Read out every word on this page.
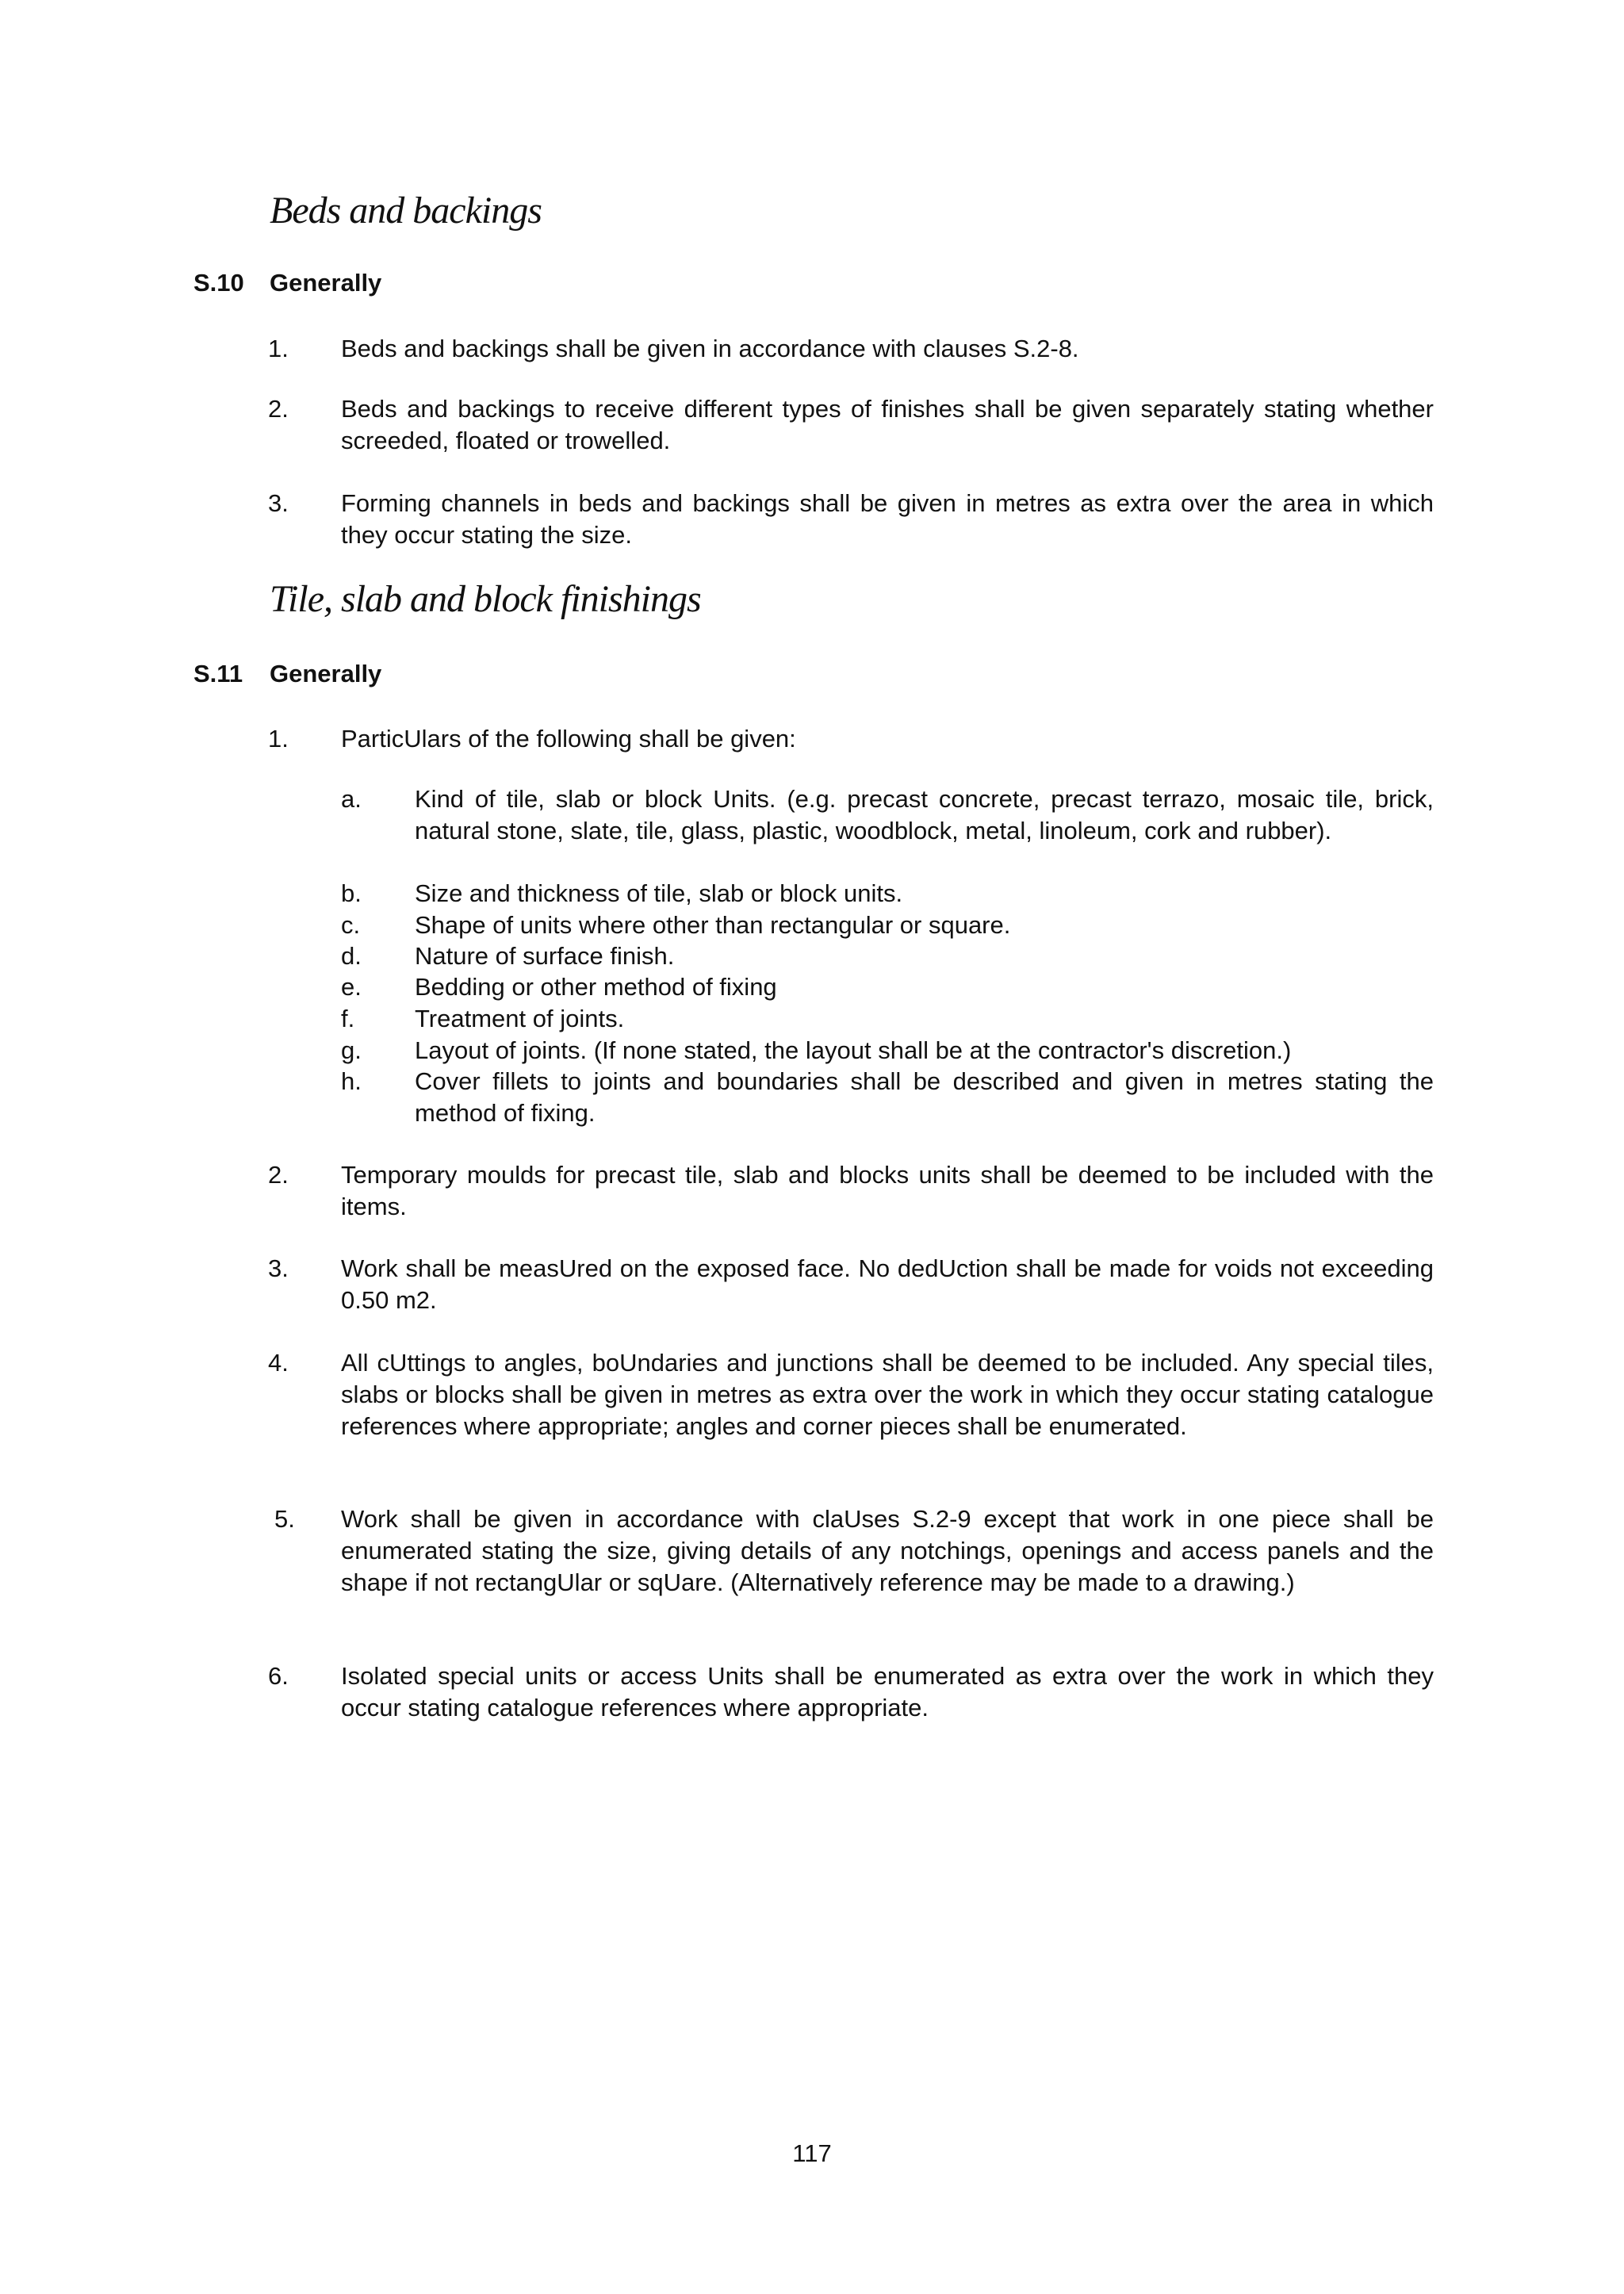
Beds and backings
S.10 Generally
1. Beds and backings shall be given in accordance with clauses S.2-8.
2. Beds and backings to receive different types of finishes shall be given separately stating whether screeded, floated or trowelled.
3. Forming channels in beds and backings shall be given in metres as extra over the area in which they occur stating the size.
Tile, slab and block finishings
S.11 Generally
1. ParticUlars of the following shall be given:
a. Kind of tile, slab or block Units. (e.g. precast concrete, precast terrazo, mosaic tile, brick, natural stone, slate, tile, glass, plastic, woodblock, metal, linoleum, cork and rubber).
b. Size and thickness of tile, slab or block units.
c. Shape of units where other than rectangular or square.
d. Nature of surface finish.
e. Bedding or other method of fixing
f. Treatment of joints.
g. Layout of joints. (If none stated, the layout shall be at the contractor's discretion.)
h. Cover fillets to joints and boundaries shall be described and given in metres stating the method of fixing.
2. Temporary moulds for precast tile, slab and blocks units shall be deemed to be included with the items.
3. Work shall be measUred on the exposed face. No dedUction shall be made for voids not exceeding 0.50 m2.
4. All cUttings to angles, boUndaries and junctions shall be deemed to be included. Any special tiles, slabs or blocks shall be given in metres as extra over the work in which they occur stating catalogue references where appropriate; angles and corner pieces shall be enumerated.
5. Work shall be given in accordance with claUses S.2-9 except that work in one piece shall be enumerated stating the size, giving details of any notchings, openings and access panels and the shape if not rectangUlar or sqUare. (Alternatively reference may be made to a drawing.)
6. Isolated special units or access Units shall be enumerated as extra over the work in which they occur stating catalogue references where appropriate.
117
